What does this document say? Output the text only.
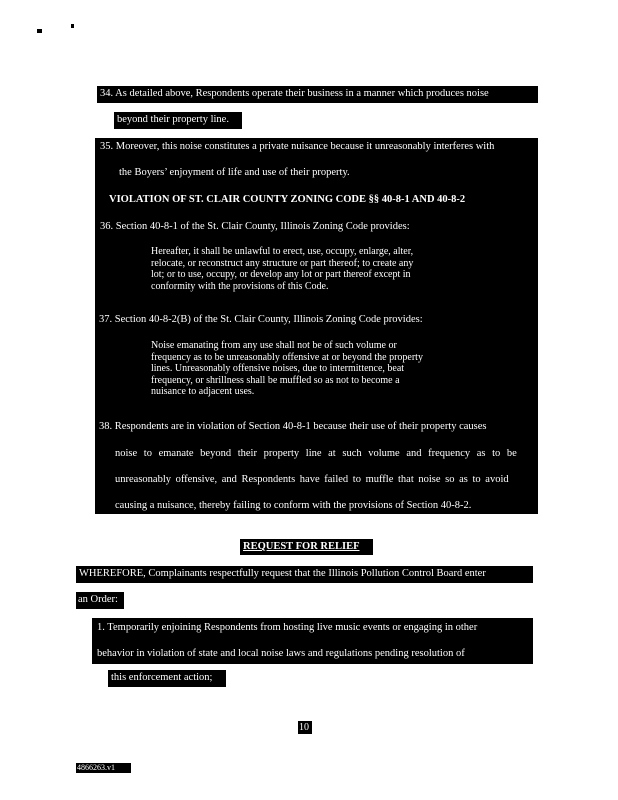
34. As detailed above, Respondents operate their business in a manner which produces noise
beyond their property line.
35. Moreover, this noise constitutes a private nuisance because it unreasonably interferes with
the Boyers’ enjoyment of life and use of their property.
VIOLATION OF ST. CLAIR COUNTY ZONING CODE §§ 40-8-1 AND 40-8-2
36. Section 40-8-1 of the St. Clair County, Illinois Zoning Code provides:
Hereafter, it shall be unlawful to erect, use, occupy, enlarge, alter,
relocate, or reconstruct any structure or part thereof; to create any
lot; or to use, occupy, or develop any lot or part thereof except in
conformity with the provisions of this Code.
37. Section 40-8-2(B) of the St. Clair County, Illinois Zoning Code provides:
Noise emanating from any use shall not be of such volume or
frequency as to be unreasonably offensive at or beyond the property
lines. Unreasonably offensive noises, due to intermittence, beat
frequency, or shrillness shall be muffled so as not to become a
nuisance to adjacent uses.
38. Respondents are in violation of Section 40-8-1 because their use of their property causes
noise to emanate beyond their property line at such volume and frequency as to be
unreasonably offensive, and Respondents have failed to muffle that noise so as to avoid
causing a nuisance, thereby failing to conform with the provisions of Section 40-8-2.
REQUEST FOR RELIEF
WHEREFORE, Complainants respectfully request that the Illinois Pollution Control Board enter
an Order:
1. Temporarily enjoining Respondents from hosting live music events or engaging in other
behavior in violation of state and local noise laws and regulations pending resolution of
this enforcement action;
10
4866263.v1
